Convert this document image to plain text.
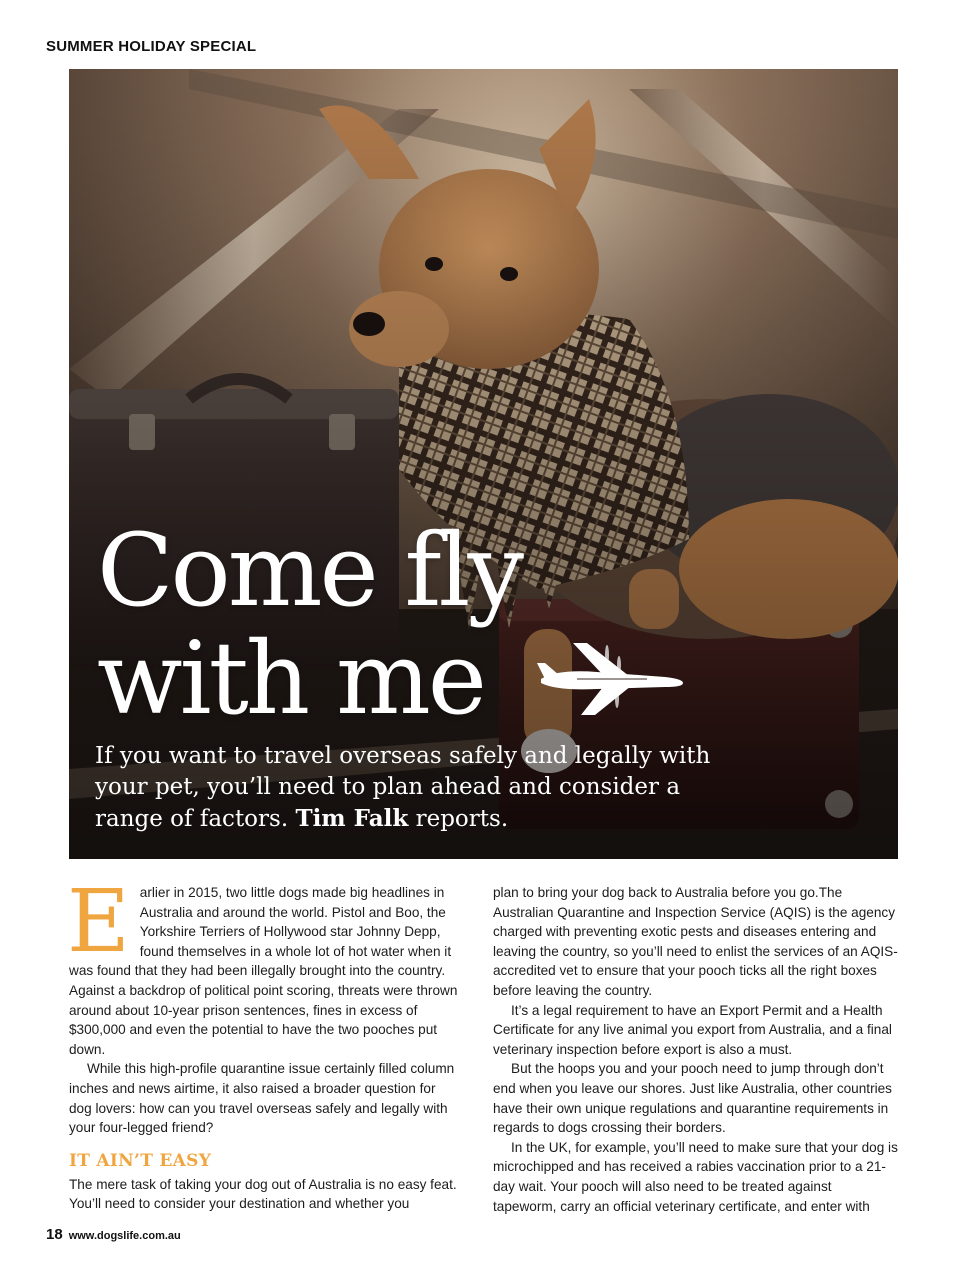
SUMMER HOLIDAY SPECIAL
Come fly
with me
If you want to travel overseas safely and legally with your pet, you’ll need to plan ahead and consider a range of factors. Tim Falk reports.

Earlier in 2015, two little dogs made big headlines in Australia and around the world. Pistol and Boo, the Yorkshire Terriers of Hollywood star Johnny Depp, found themselves in a whole lot of hot water when it was found that they had been illegally brought into the country. Against a backdrop of political point scoring, threats were thrown around about 10-year prison sentences, fines in excess of $300,000 and even the potential to have the two pooches put down.

While this high-profile quarantine issue certainly filled column inches and news airtime, it also raised a broader question for dog lovers: how can you travel overseas safely and legally with your four-legged friend?

IT AIN’T EASY

The mere task of taking your dog out of Australia is no easy feat. You’ll need to consider your destination and whether you

plan to bring your dog back to Australia before you go.The Australian Quarantine and Inspection Service (AQIS) is the agency charged with preventing exotic pests and diseases entering and leaving the country, so you’ll need to enlist the services of an AQIS-accredited vet to ensure that your pooch ticks all the right boxes before leaving the country.

It’s a legal requirement to have an Export Permit and a Health Certificate for any live animal you export from Australia, and a final veterinary inspection before export is also a must.

But the hoops you and your pooch need to jump through don’t end when you leave our shores. Just like Australia, other countries have their own unique regulations and quarantine requirements in regards to dogs crossing their borders.

In the UK, for example, you’ll need to make sure that your dog is microchipped and has received a rabies vaccination prior to a 21-day wait. Your pooch will also need to be treated against tapeworm, carry an official veterinary certificate, and enter with

18 www.dogslife.com.au
